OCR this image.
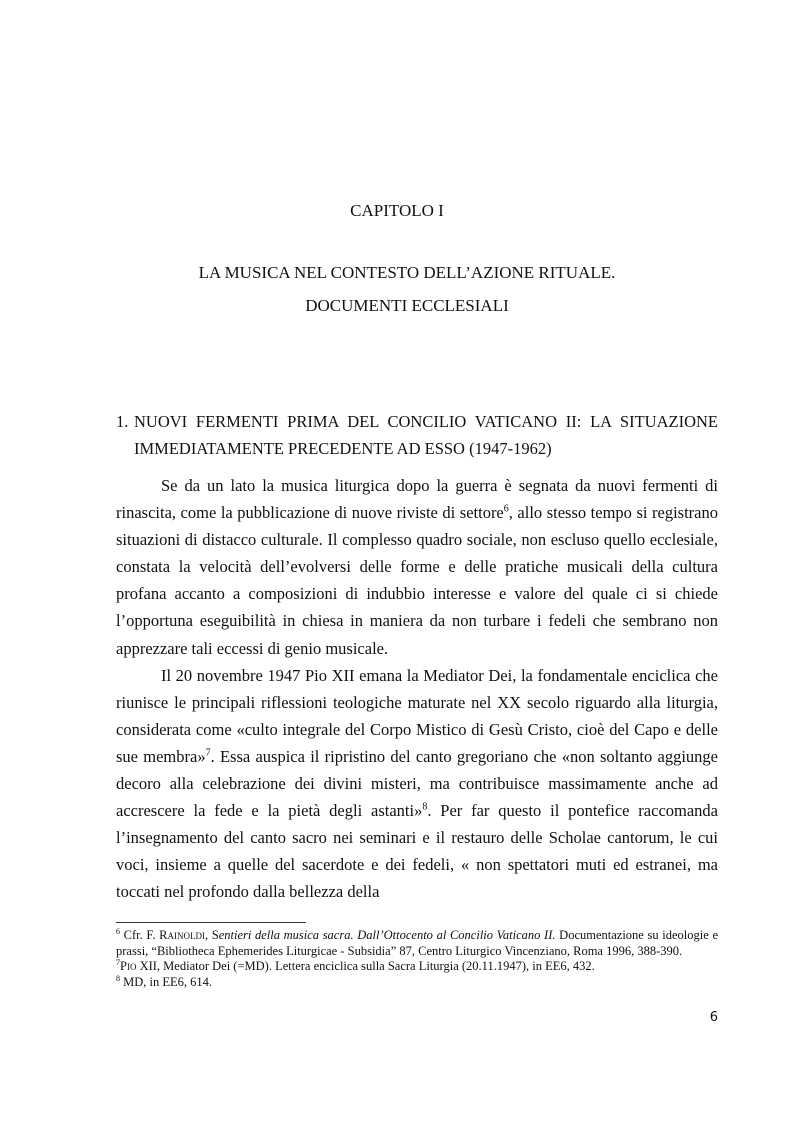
CAPITOLO I
LA MUSICA NEL CONTESTO DELL’AZIONE RITUALE.
DOCUMENTI ECCLESIALI
1. NUOVI FERMENTI PRIMA DEL CONCILIO VATICANO II: LA SITUAZIONE
IMMEDIATAMENTE PRECEDENTE AD ESSO (1947-1962)

Se da un lato la musica liturgica dopo la guerra è segnata da nuovi fermenti di rinascita, come la pubblicazione di nuove riviste di settore$^6$, allo stesso tempo si registrano situazioni di distacco culturale. Il complesso quadro sociale, non escluso quello ecclesiale, constata la velocità dell’evolversi delle forme e delle pratiche musicali della cultura profana accanto a composizioni di indubbio interesse e valore del quale ci si chiede l’opportuna eseguibilità in chiesa in maniera da non turbare i fedeli che sembrano non apprezzare tali eccessi di genio musicale.

Il 20 novembre 1947 Pio XII emana la Mediator Dei, la fondamentale enciclica che riunisce le principali riflessioni teologiche maturate nel XX secolo riguardo alla liturgia, considerata come «culto integrale del Corpo Mistico di Gesù Cristo, cioè del Capo e delle sue membra»$^7$. Essa auspica il ripristino del canto gregoriano che «non soltanto aggiunge decoro alla celebrazione dei divini misteri, ma contribuisce massimamente anche ad accrescere la fede e la pietà degli astanti»$^8$. Per far questo il pontefice raccomanda l’insegnamento del canto sacro nei seminari e il restauro delle Scholae cantorum, le cui voci, insieme a quelle del sacerdote e dei fedeli, « non spettatori muti ed estranei, ma toccati nel profondo dalla bellezza della

$^6$ Cfr. F. Rainoldi, Sentieri della musica sacra. Dall’Ottocento al Concilio Vaticano II. Documentazione su ideologie e prassi, “Bibliotheca Ephemerides Liturgicae - Subsidia” 87, Centro Liturgico Vincenziano, Roma 1996, 388-390.

$^7$Pio XII, Mediator Dei (=MD). Lettera enciclica sulla Sacra Liturgia (20.11.1947), in EE6, 432.

$^8$ MD, in EE6, 614.

6
